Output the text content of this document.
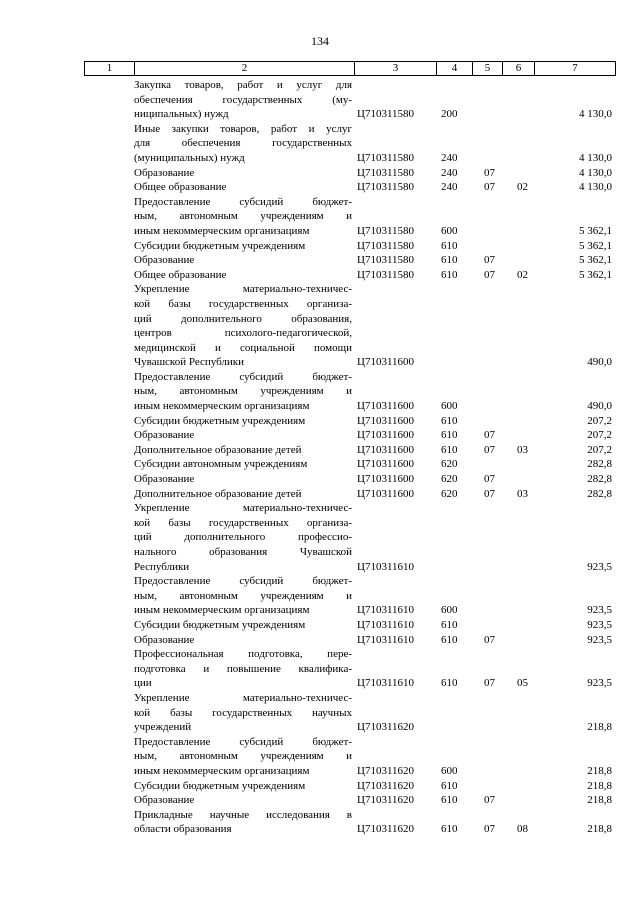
134
1	2	3	4	5	6	7
Закупка товаров, работ и услуг для
обеспечения государственных (му-
ниципальных) нужд	Ц710311580 200	4 130,0
Иные закупки товаров, работ и услуг
для обеспечения государственных
(муниципальных) нужд	Ц710311580 240	4 130,0
Образование	Ц710311580 240 07	4 130,0
Общее образование	Ц710311580 240 07 02	4 130,0
Предоставление субсидий бюджет-
ным, автономным учреждениям и
иным некоммерческим организациям	Ц710311580 600	5 362,1
Субсидии бюджетным учреждениям	Ц710311580 610	5 362,1
Образование	Ц710311580 610 07	5 362,1
Общее образование	Ц710311580 610 07 02	5 362,1
Укрепление материально-техничес-
кой базы государственных организа-
ций дополнительного образования,
центров психолого-педагогической,
медицинской и социальной помощи
Чувашской Республики	Ц710311600	490,0
Предоставление субсидий бюджет-
ным, автономным учреждениям и
иным некоммерческим организациям	Ц710311600 600	490,0
Субсидии бюджетным учреждениям	Ц710311600 610	207,2
Образование	Ц710311600 610 07	207,2
Дополнительное образование детей	Ц710311600 610 07 03	207,2
Субсидии автономным учреждениям	Ц710311600 620	282,8
Образование	Ц710311600 620 07	282,8
Дополнительное образование детей	Ц710311600 620 07 03	282,8
Укрепление материально-техничес-
кой базы государственных организа-
ций дополнительного профессио-
нального образования Чувашской
Республики	Ц710311610	923,5
Предоставление субсидий бюджет-
ным, автономным учреждениям и
иным некоммерческим организациям	Ц710311610 600	923,5
Субсидии бюджетным учреждениям	Ц710311610 610	923,5
Образование	Ц710311610 610 07	923,5
Профессиональная подготовка, пере-
подготовка и повышение квалифика-
ции	Ц710311610 610 07 05	923,5
Укрепление материально-техничес-
кой базы государственных научных
учреждений	Ц710311620	218,8
Предоставление субсидий бюджет-
ным, автономным учреждениям и
иным некоммерческим организациям	Ц710311620 600	218,8
Субсидии бюджетным учреждениям	Ц710311620 610	218,8
Образование	Ц710311620 610 07	218,8
Прикладные научные исследования в
области образования	Ц710311620 610 07 08	218,8
